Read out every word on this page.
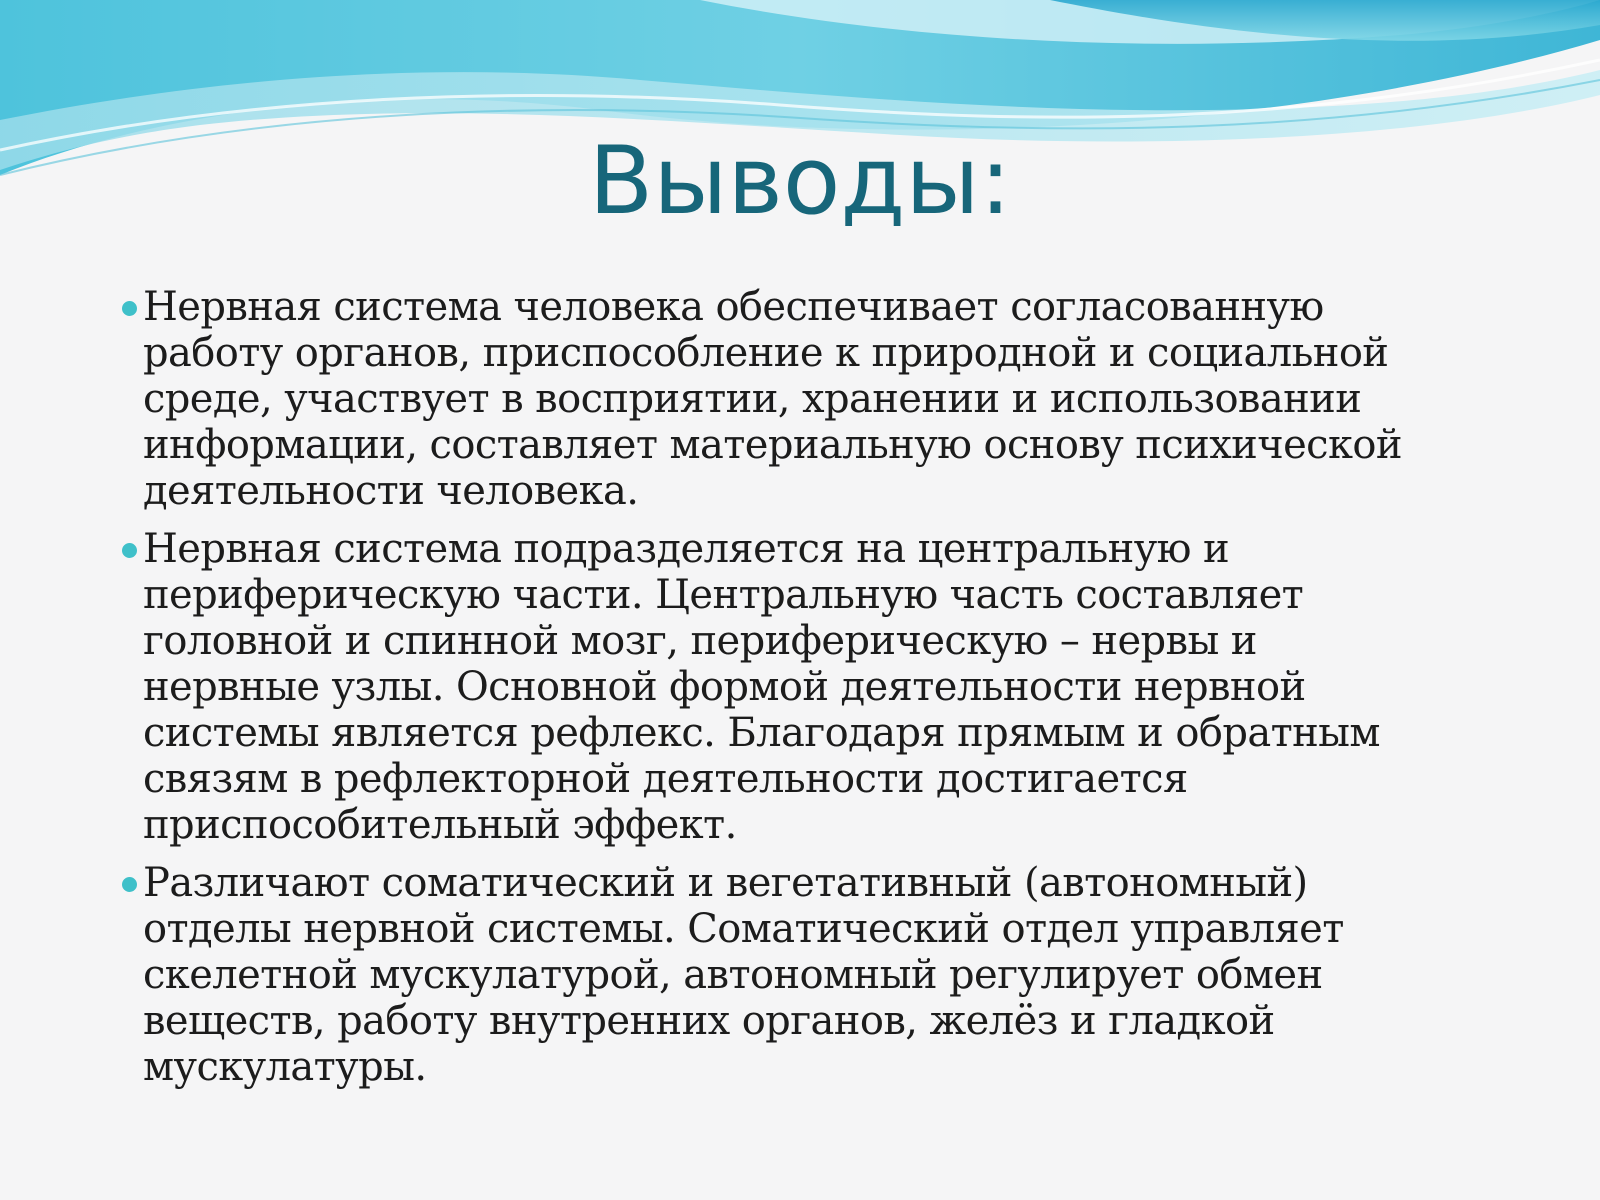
Выводы:
Нервная система человека обеспечивает согласованную
работу органов, приспособление к природной и социальной
среде, участвует в восприятии, хранении и использовании
информации, составляет материальную основу психической
деятельности человека.
Нервная система подразделяется на центральную и
периферическую части. Центральную часть составляет
головной и спинной мозг, периферическую – нервы и
нервные узлы. Основной формой деятельности нервной
системы является рефлекс. Благодаря прямым и обратным
связям в рефлекторной деятельности достигается
приспособительный эффект.
Различают соматический и вегетативный (автономный)
отделы нервной системы. Соматический отдел управляет
скелетной мускулатурой, автономный регулирует обмен
веществ, работу внутренних органов, желёз и гладкой
мускулатуры.
